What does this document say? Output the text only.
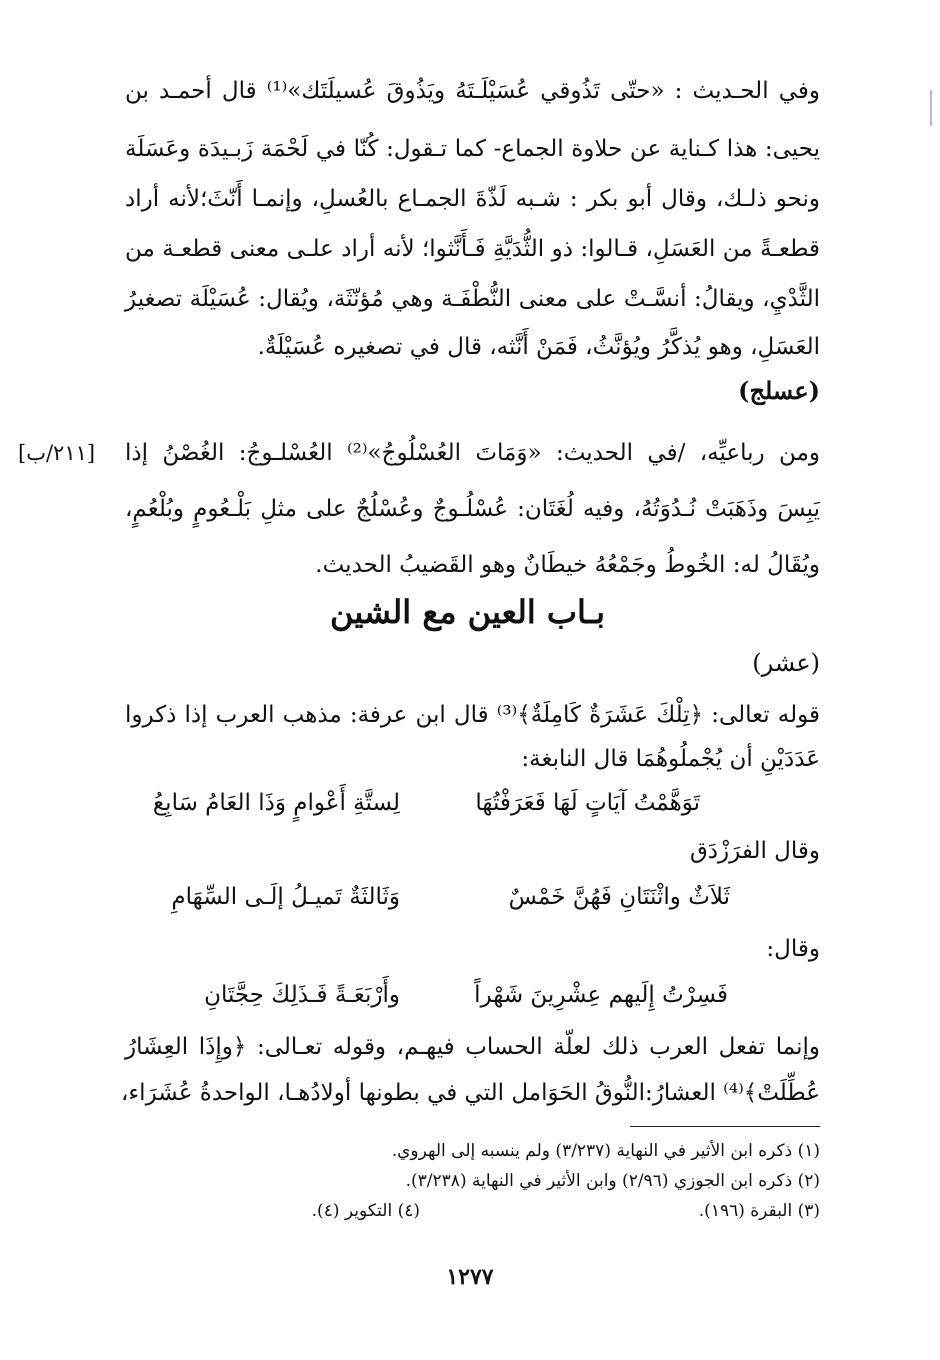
وفي الحـديث : «حتّى تَذُوقي عُسَيْلَـتَهُ ويَذُوقَ عُسيلَتَك»⁽¹⁾ قال أحمـد بن
يحيى: هذا كـناية عن حلاوة الجماع- كما تـقول: كُنّا في لَحْمَة زَبـيدَة وعَسَلَة
ونحو ذلـك، وقال أبو بكر : شـبه لَذّةَ الجمـاع بالعُسلِ، وإنمـا أَنّثَ؛لأنه أراد
قطعـةً من العَسَلِ، قـالوا: ذو الثُّدَيَّةِ فَـأَنَّثوا؛ لأنه أراد علـى معنى قطعـة من
الثَّدْيِ، ويقالُ: أنسَّـتْ على معنى النُّطْفَـة وهي مُؤنّثَة، ويُقال: عُسَيْلَة تصغيرُ
العَسَلِ، وهو يُذكَّرُ ويُؤنَّثُ، فَمَنْ أَنَّثه، قال في تصغيره عُسَيْلَةٌ.
(عسلج)
[٢١١/ب] ومن رباعيِّه، /في الحديث: «وَمَاتَ العُسْلُوجُ»⁽²⁾ العُسْلـوجُ: الغُصْنُ إذا
يَبِسَ وذَهَبَتْ نُـدُوَتُهُ، وفيه لُغَتَان: عُسْلُـوجٌ وعُسْلُجٌ على مثلِ بَلْـعُومٍ وبُلْعُمٍ،
ويُقَالُ له: الخُوطُ وجَمْعُهُ خيطَانٌ وهو القَضيبُ الحديث.
بـاب العين مع الشين
(عشر)
قوله تعالى: ﴿تِلْكَ عَشَرَةٌ كَامِلَةٌ﴾⁽³⁾ قال ابن عرفة: مذهب العرب إذا ذكروا
عَدَدَيْنِ أن يُجْملُوهُمَا قال النابغة:
تَوَهَّمْتُ آيَاتٍ لَهَا فَعَرَفْتُهَا
لِستَّةِ أَعْوامٍ وَذَا العَامُ سَابِعُ
وقال الفرَزْدَق
ثَلاَثٌ واثْنَتَانِ فَهُنَّ خَمْسٌ
وَثَالثَةٌ تَميـلُ إلَـى السِّهَامِ
وقال:
فَسِرْتُ إِلَيهم عِشْرِينَ شَهْراً
وأَرْبَعَـةً فَـذَلِكَ حِجَّتَانِ
وإنما تفعل العرب ذلك لعلّة الحساب فيهـم، وقوله تعـالى: ﴿وإِذَا العِشَارُ
عُطِّلَتْ﴾⁽⁴⁾ العشارُ:النُّوقُ الحَوَامل التي في بطونها أولادُهـا، الواحدةُ عُشَرَاء،
(١) ذكره ابن الأثير في النهاية (٣/٢٣٧) ولم ينسبه إلى الهروي.
(٢) ذكره ابن الجوزي (٢/٩٦) وابن الأثير في النهاية (٣/٢٣٨).
(٣) البقرة (١٩٦).
(٤) التكوير (٤).
١٢٧٧
